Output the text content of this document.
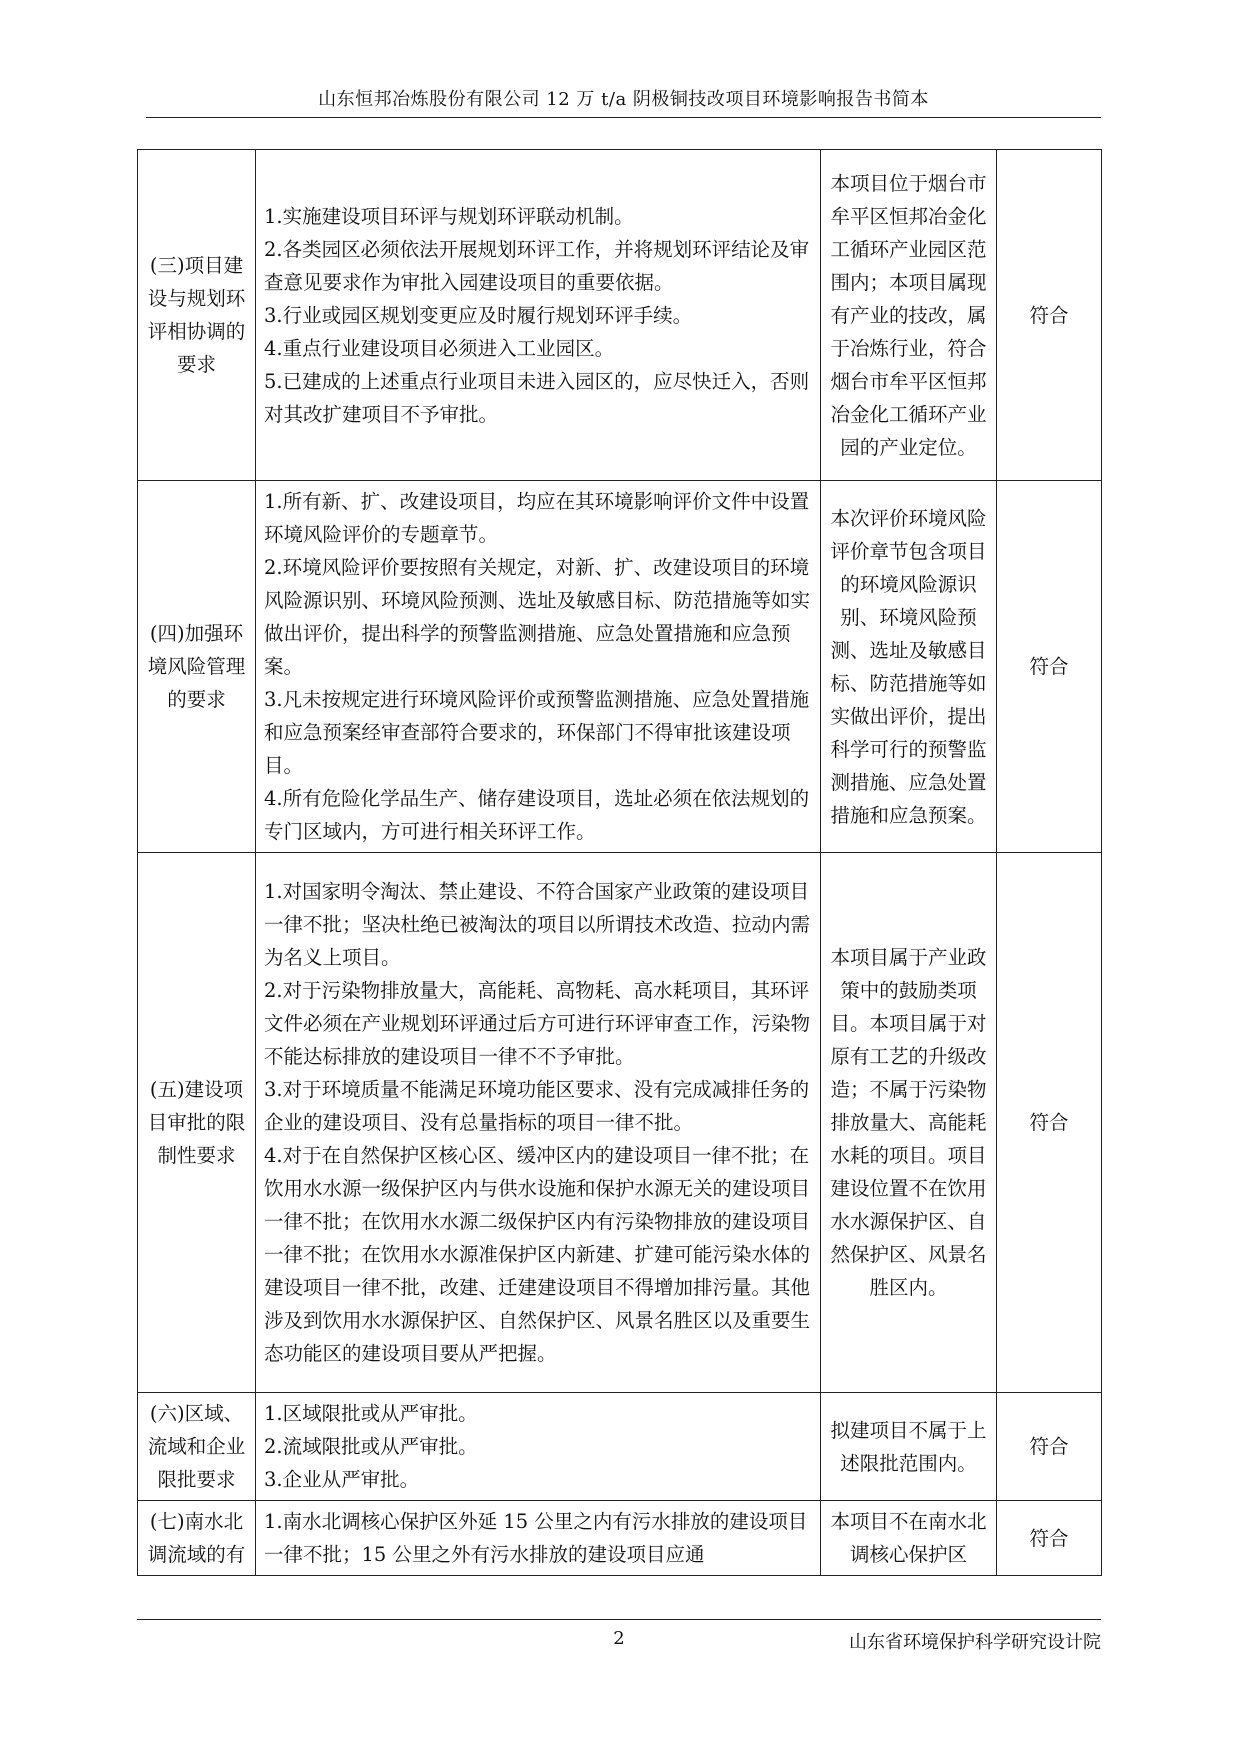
山东恒邦冶炼股份有限公司 12 万 t/a 阴极铜技改项目环境影响报告书简本
(三)项目建设与规划环评相协调的要求	1.实施建设项目环评与规划环评联动机制。
2.各类园区必须依法开展规划环评工作，并将规划环评结论及审查意见要求作为审批入园建设项目的重要依据。
3.行业或园区规划变更应及时履行规划环评手续。
4.重点行业建设项目必须进入工业园区。
5.已建成的上述重点行业项目未进入园区的，应尽快迁入，否则对其改扩建项目不予审批。	本项目位于烟台市牟平区恒邦冶金化工循环产业园区范围内；本项目属现有产业的技改，属于冶炼行业，符合烟台市牟平区恒邦冶金化工循环产业园的产业定位。	符合
(四)加强环境风险管理的要求	1.所有新、扩、改建设项目，均应在其环境影响评价文件中设置环境风险评价的专题章节。
2.环境风险评价要按照有关规定，对新、扩、改建设项目的环境风险源识别、环境风险预测、选址及敏感目标、防范措施等如实做出评价，提出科学的预警监测措施、应急处置措施和应急预案。
3.凡未按规定进行环境风险评价或预警监测措施、应急处置措施和应急预案经审查部符合要求的，环保部门不得审批该建设项目。
4.所有危险化学品生产、储存建设项目，选址必须在依法规划的专门区域内，方可进行相关环评工作。	本次评价环境风险评价章节包含项目的环境风险源识别、环境风险预测、选址及敏感目标、防范措施等如实做出评价，提出科学可行的预警监测措施、应急处置措施和应急预案。	符合
(五)建设项目审批的限制性要求	1.对国家明令淘汰、禁止建设、不符合国家产业政策的建设项目一律不批；坚决杜绝已被淘汰的项目以所谓技术改造、拉动内需为名义上项目。
2.对于污染物排放量大，高能耗、高物耗、高水耗项目，其环评文件必须在产业规划环评通过后方可进行环评审查工作，污染物不能达标排放的建设项目一律不不予审批。
3.对于环境质量不能满足环境功能区要求、没有完成减排任务的企业的建设项目、没有总量指标的项目一律不批。
4.对于在自然保护区核心区、缓冲区内的建设项目一律不批；在饮用水水源一级保护区内与供水设施和保护水源无关的建设项目一律不批；在饮用水水源二级保护区内有污染物排放的建设项目一律不批；在饮用水水源准保护区内新建、扩建可能污染水体的建设项目一律不批，改建、迁建建设项目不得增加排污量。其他涉及到饮用水水源保护区、自然保护区、风景名胜区以及重要生态功能区的建设项目要从严把握。	本项目属于产业政策中的鼓励类项目。本项目属于对原有工艺的升级改造；不属于污染物排放量大、高能耗水耗的项目。项目建设位置不在饮用水水源保护区、自然保护区、风景名胜区内。	符合
(六)区域、流域和企业限批要求	1.区域限批或从严审批。
2.流域限批或从严审批。
3.企业从严审批。	拟建项目不属于上述限批范围内。	符合
(七)南水北调流域的有	1.南水北调核心保护区外延 15 公里之内有污水排放的建设项目一律不批；15 公里之外有污水排放的建设项目应通	本项目不在南水北调核心保护区	符合
2	山东省环境保护科学研究设计院
